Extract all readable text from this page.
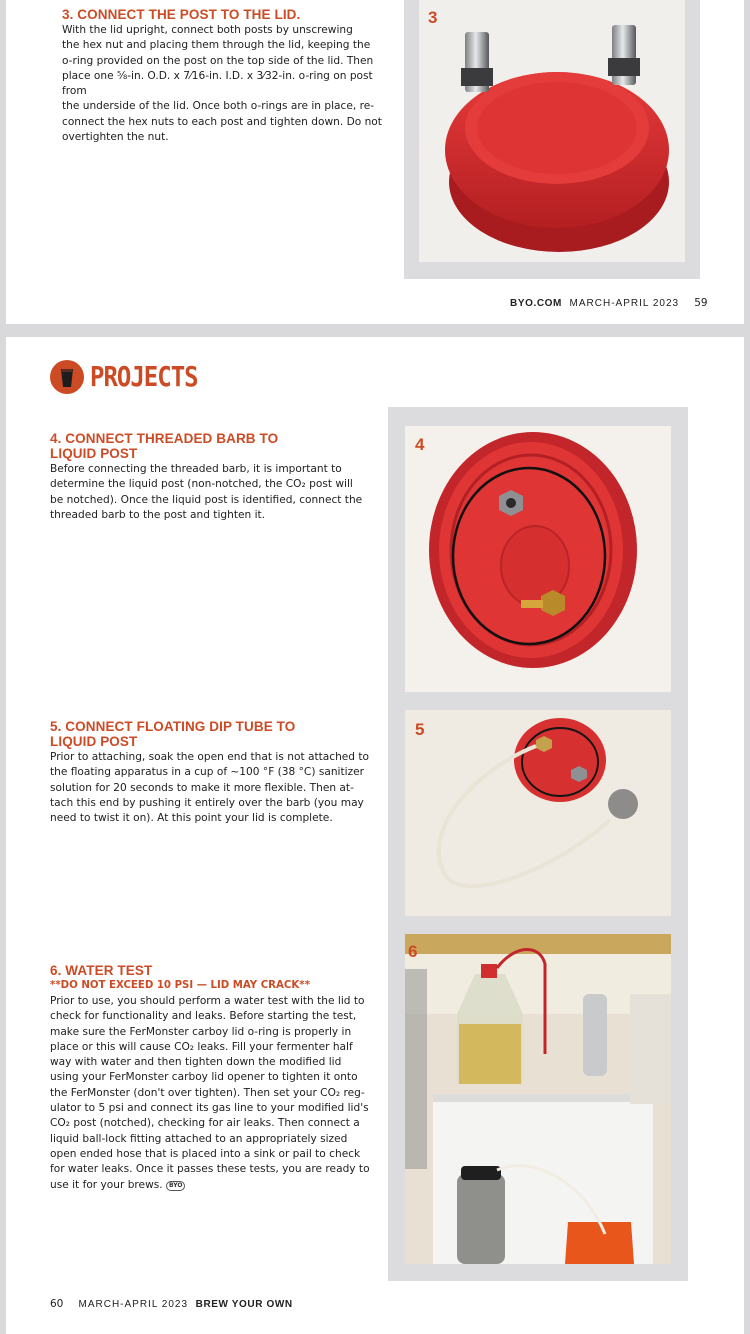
3. CONNECT THE POST TO THE LID.
With the lid upright, connect both posts by unscrewing
the hex nut and placing them through the lid, keeping the
o-ring provided on the post on the top side of the lid. Then
place one ⅝-in. O.D. x 7⁄16-in. I.D. x 3⁄32-in. o-ring on post from
the underside of the lid. Once both o-rings are in place, re-
connect the hex nuts to each post and tighten down. Do not
overtighten the nut.
3
BYO.COM MARCH-APRIL 2023 59
PROJECTS
4. CONNECT THREADED BARB TO
LIQUID POST
Before connecting the threaded barb, it is important to
determine the liquid post (non-notched, the CO₂ post will
be notched). Once the liquid post is identified, connect the
threaded barb to the post and tighten it.
5. CONNECT FLOATING DIP TUBE TO
LIQUID POST
Prior to attaching, soak the open end that is not attached to
the floating apparatus in a cup of ~100 °F (38 °C) sanitizer
solution for 20 seconds to make it more flexible. Then at-
tach this end by pushing it entirely over the barb (you may
need to twist it on). At this point your lid is complete.
6. WATER TEST
**DO NOT EXCEED 10 PSI — LID MAY CRACK**
Prior to use, you should perform a water test with the lid to
check for functionality and leaks. Before starting the test,
make sure the FerMonster carboy lid o-ring is properly in
place or this will cause CO₂ leaks. Fill your fermenter half
way with water and then tighten down the modified lid
using your FerMonster carboy lid opener to tighten it onto
the FerMonster (don't over tighten). Then set your CO₂ reg-
ulator to 5 psi and connect its gas line to your modified lid's
CO₂ post (notched), checking for air leaks. Then connect a
liquid ball-lock fitting attached to an appropriately sized
open ended hose that is placed into a sink or pail to check
for water leaks. Once it passes these tests, you are ready to
use it for your brews. BYO
4
5
6
60 MARCH-APRIL 2023 BREW YOUR OWN
